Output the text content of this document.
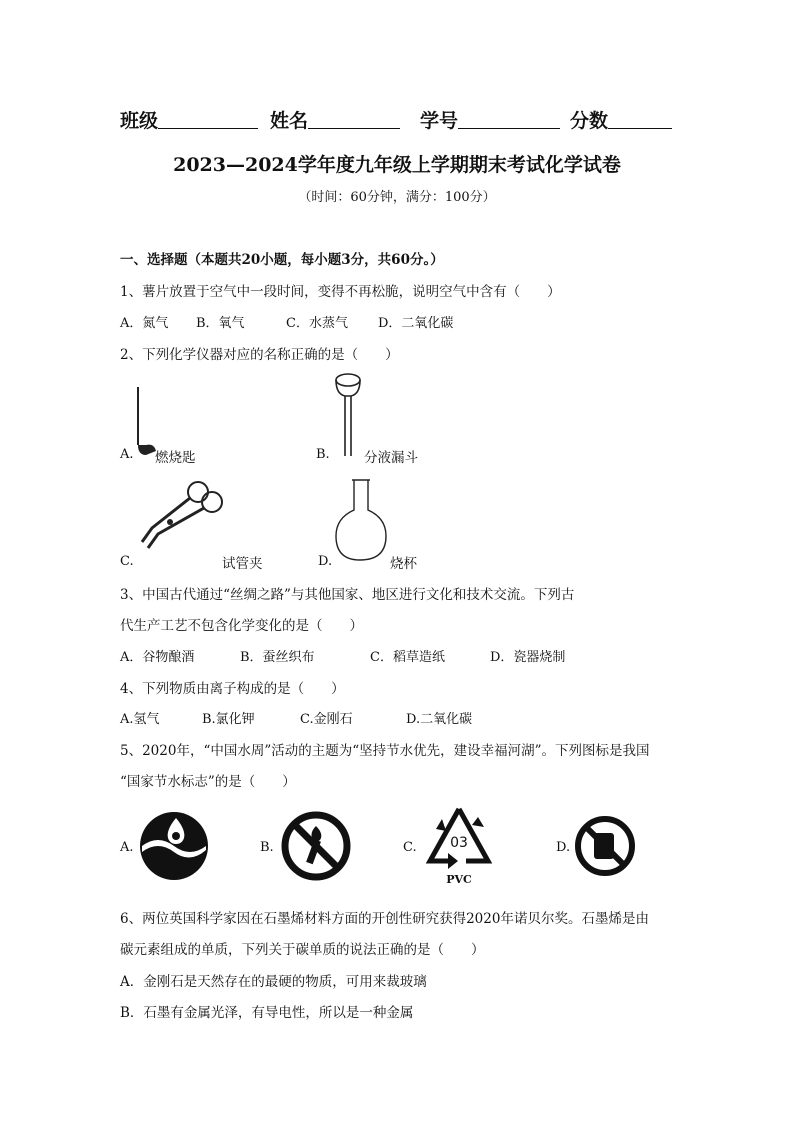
班级	姓名	学号	分数
2023—2024学年度九年级上学期期末考试化学试卷
（时间：60分钟，满分：100分）
一、选择题（本题共20小题，每小题3分，共60分。）
1、薯片放置于空气中一段时间，变得不再松脆，说明空气中含有（　　）
A．氮气 B．氧气	C．水蒸气 D．二氧化碳
2、下列化学仪器对应的名称正确的是（　　）
A. 燃烧匙	B.	分液漏斗
C.	试管夹	D.	烧杯
3、中国古代通过“丝绸之路”与其他国家、地区进行文化和技术交流。下列古
代生产工艺不包含化学变化的是（　　）
A．谷物酿酒	B．蚕丝织布	C．稻草造纸	D．瓷器烧制
4、下列物质由离子构成的是（　　）
A.氢气	B.氯化钾	C.金刚石	D.二氧化碳
5、2020年，“中国水周”活动的主题为“坚持节水优先，建设幸福河湖”。下列图标是我国
“国家节水标志”的是（　　）
A.	B.	C. 03
PVC
D.
6、两位英国科学家因在石墨烯材料方面的开创性研究获得2020年诺贝尔奖。石墨烯是由
碳元素组成的单质，下列关于碳单质的说法正确的是（　　）
A．金刚石是天然存在的最硬的物质，可用来裁玻璃
B．石墨有金属光泽，有导电性，所以是一种金属
